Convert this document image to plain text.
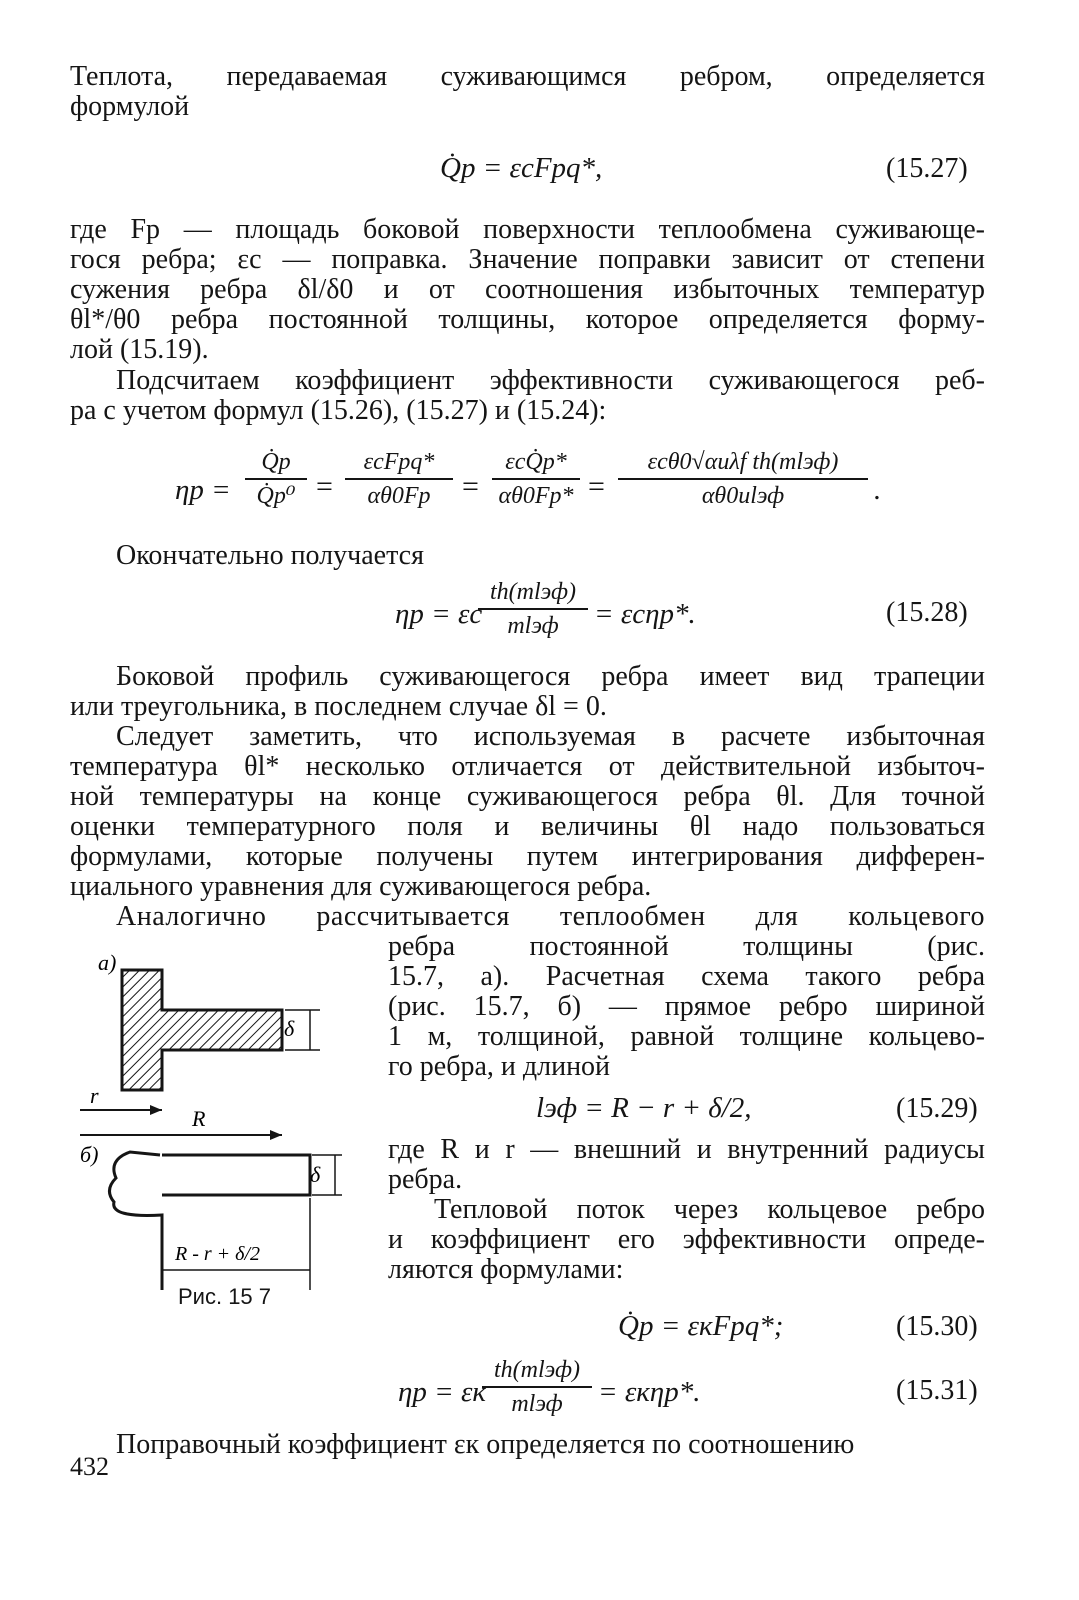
Теплота, передаваемая суживающимся ребром, определяется
формулой
Q̇р = εсFрq*,	(15.27)
где Fр — площадь боковой поверхности теплообмена суживающе-
гося ребра; εс — поправка. Значение поправки зависит от степени
сужения ребра δl/δ0 и от соотношения избыточных температур
θl*/θ0 ребра постоянной толщины, которое определяется форму-
лой (15.19).
Подсчитаем коэффициент эффективности суживающегося реб-
ра с учетом формул (15.26), (15.27) и (15.24):
ηр =
Q̇р
Q̇р⁰ =
εсFрq*
αθ0Fр	=
εсQ̇р*
αθ0Fр* =
εсθ0√αuλf th(mlэф)
αθ0ulэф	.
Окончательно получается
ηр = εс
th(mlэф)
mlэф	= εсηр*.	(15.28)
Боковой профиль суживающегося ребра имеет вид трапеции
или треугольника, в последнем случае δl = 0.
Следует заметить, что используемая в расчете избыточная
температура θl* несколько отличается от действительной избыточ-
ной температуры на конце суживающегося ребра θl. Для точной
оценки температурного поля и величины θl надо пользоваться
формулами, которые получены путем интегрирования дифферен-
циального уравнения для суживающегося ребра.
Аналогично рассчитывается теплообмен для кольцевого
ребра постоянной толщины (рис.
15.7, а). Расчетная схема такого ребра
(рис. 15.7, б) — прямое ребро шириной
1 м, толщиной, равной толщине кольцево-
го ребра, и длиной
lэф = R − r + δ/2,	(15.29)
где R и r — внешний и внутренний радиусы
ребра.
Тепловой поток через кольцевое ребро
и коэффициент его эффективности опреде-
ляются формулами:
Q̇р = εкFрq*;	(15.30)
ηр = εк
th(mlэф)
mlэф	= εкηр*.	(15.31)
Поправочный коэффициент εк определяется по соотношению
а)
δ
r
R
б)
δ
R - r + δ/2
Рис. 15 7
432
